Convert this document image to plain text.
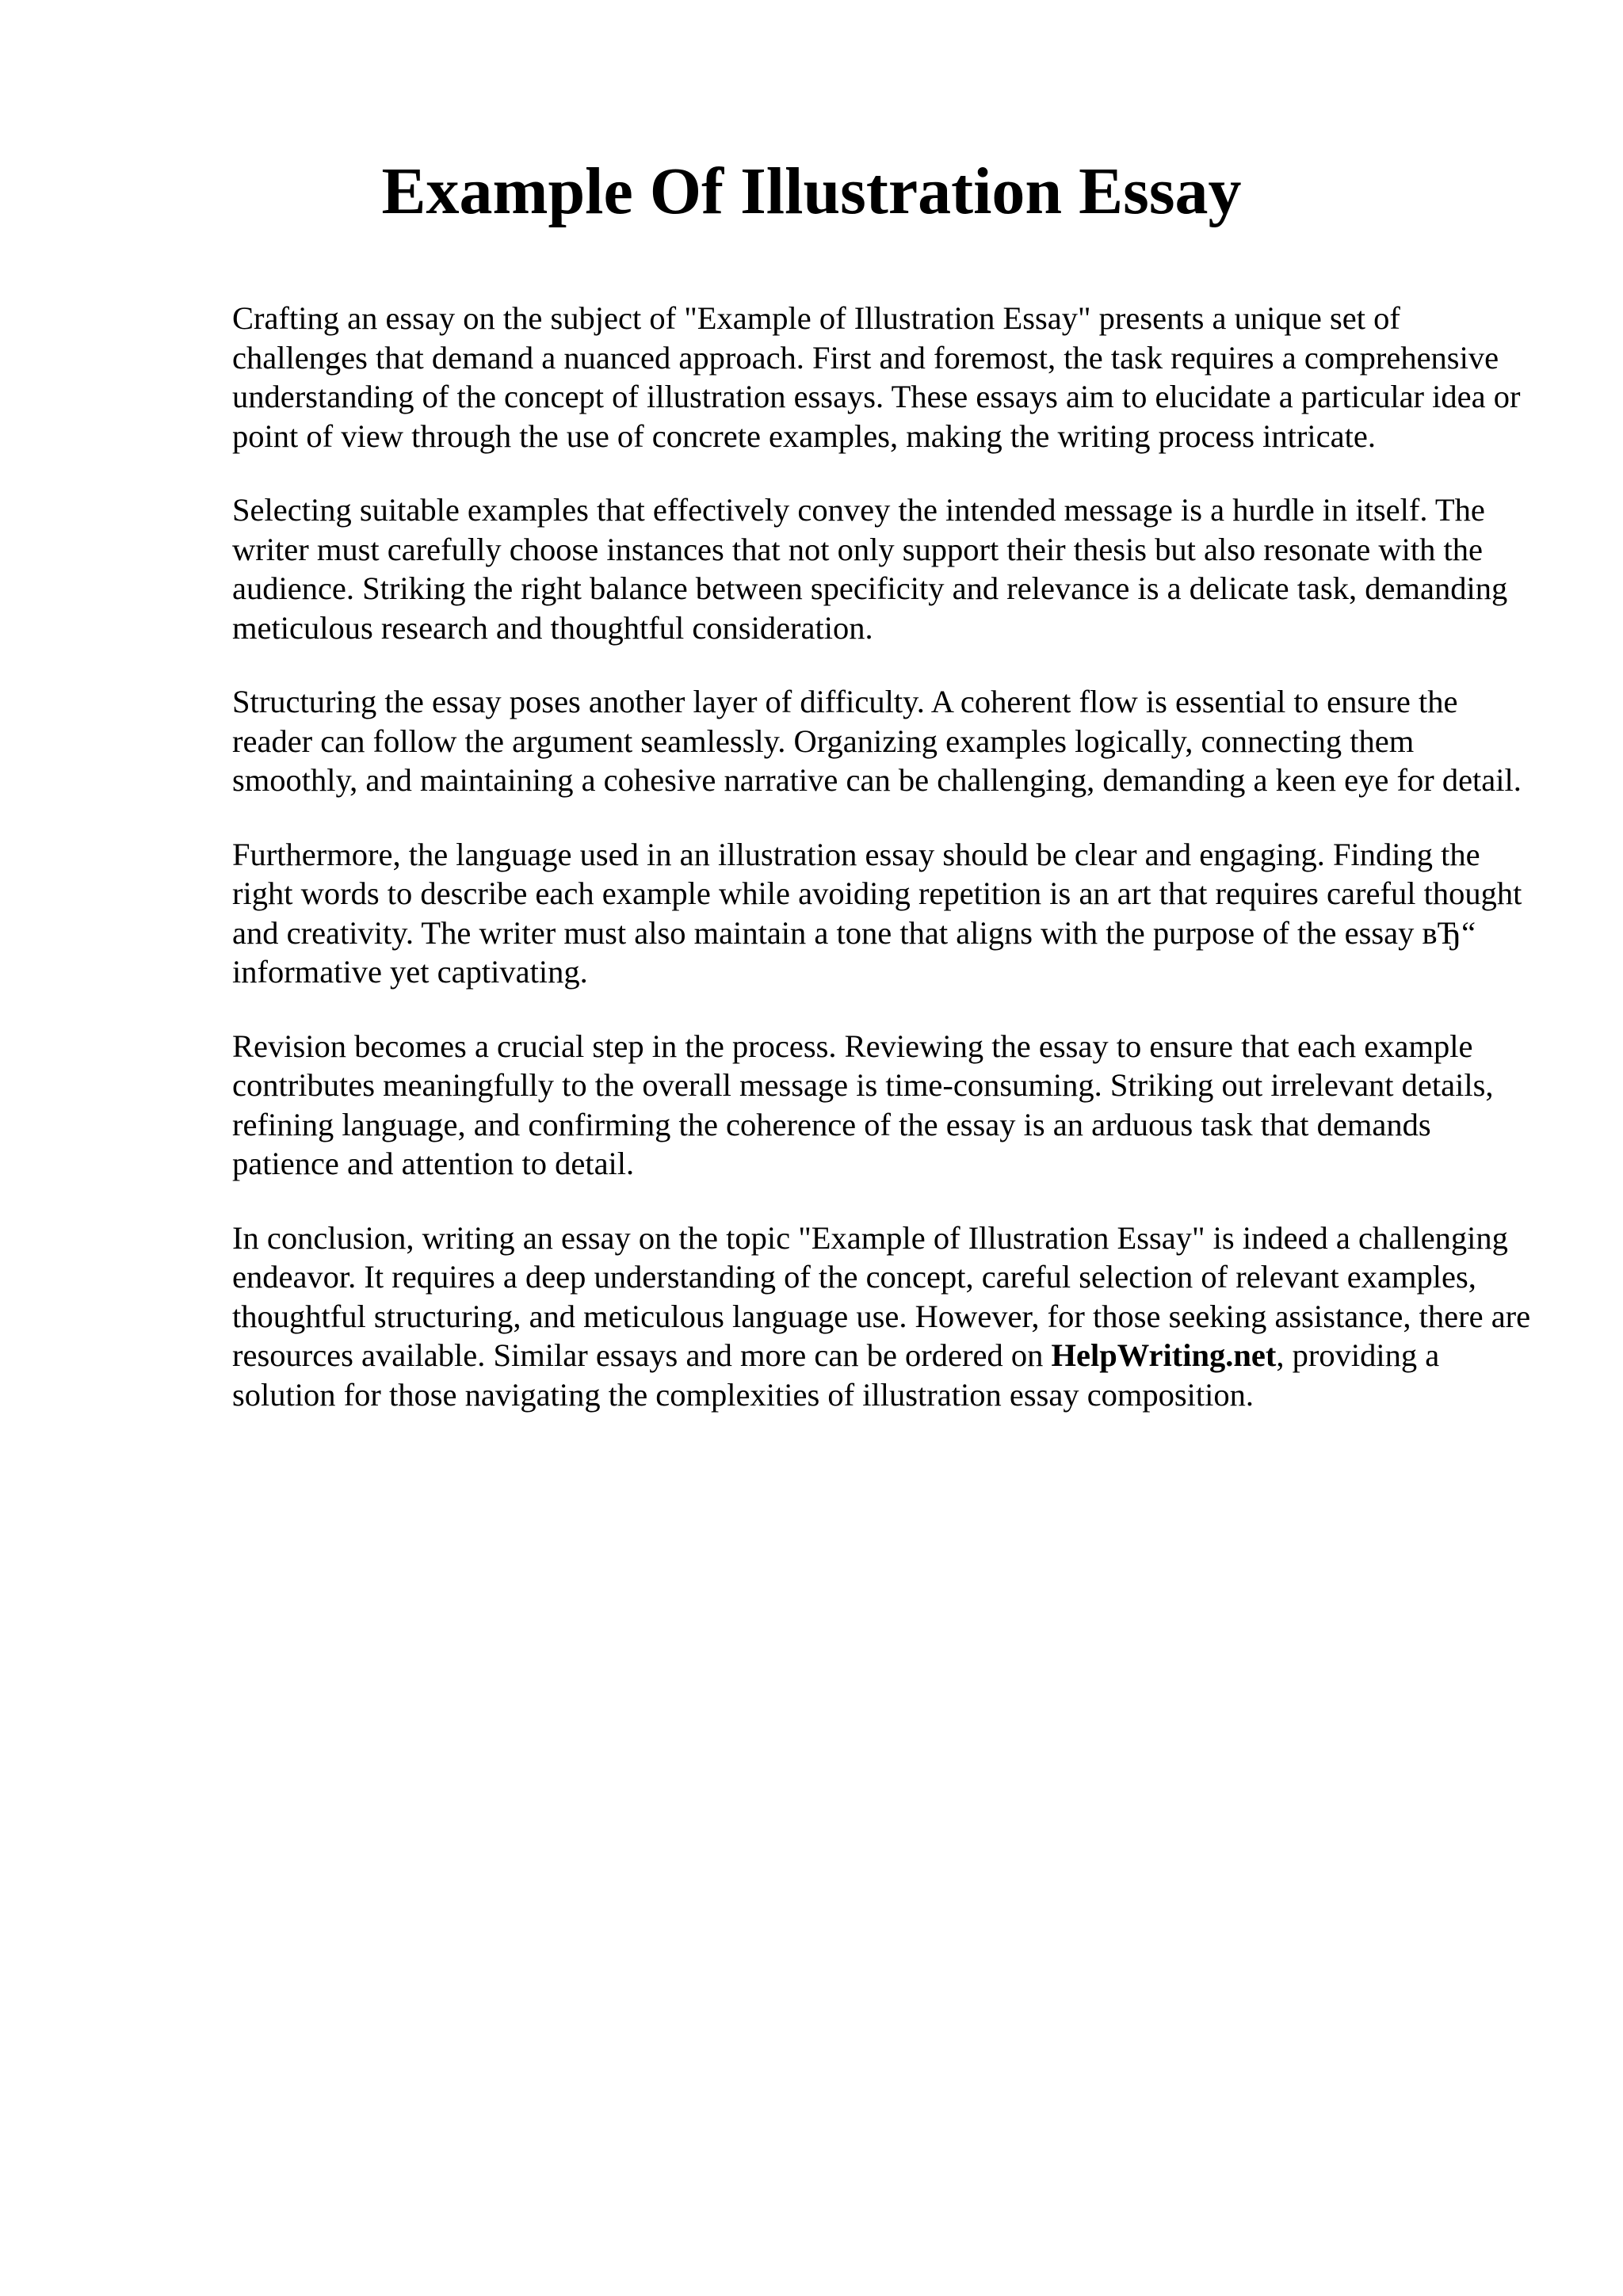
Example Of Illustration Essay

Crafting an essay on the subject of "Example of Illustration Essay" presents a unique set of challenges that demand a nuanced approach. First and foremost, the task requires a comprehensive understanding of the concept of illustration essays. These essays aim to elucidate a particular idea or point of view through the use of concrete examples, making the writing process intricate.

Selecting suitable examples that effectively convey the intended message is a hurdle in itself. The writer must carefully choose instances that not only support their thesis but also resonate with the audience. Striking the right balance between specificity and relevance is a delicate task, demanding meticulous research and thoughtful consideration.

Structuring the essay poses another layer of difficulty. A coherent flow is essential to ensure the reader can follow the argument seamlessly. Organizing examples logically, connecting them smoothly, and maintaining a cohesive narrative can be challenging, demanding a keen eye for detail.

Furthermore, the language used in an illustration essay should be clear and engaging. Finding the right words to describe each example while avoiding repetition is an art that requires careful thought and creativity. The writer must also maintain a tone that aligns with the purpose of the essay вЂ“ informative yet captivating.

Revision becomes a crucial step in the process. Reviewing the essay to ensure that each example contributes meaningfully to the overall message is time-consuming. Striking out irrelevant details, refining language, and confirming the coherence of the essay is an arduous task that demands patience and attention to detail.

In conclusion, writing an essay on the topic "Example of Illustration Essay" is indeed a challenging endeavor. It requires a deep understanding of the concept, careful selection of relevant examples, thoughtful structuring, and meticulous language use. However, for those seeking assistance, there are resources available. Similar essays and more can be ordered on HelpWriting.net, providing a solution for those navigating the complexities of illustration essay composition.
